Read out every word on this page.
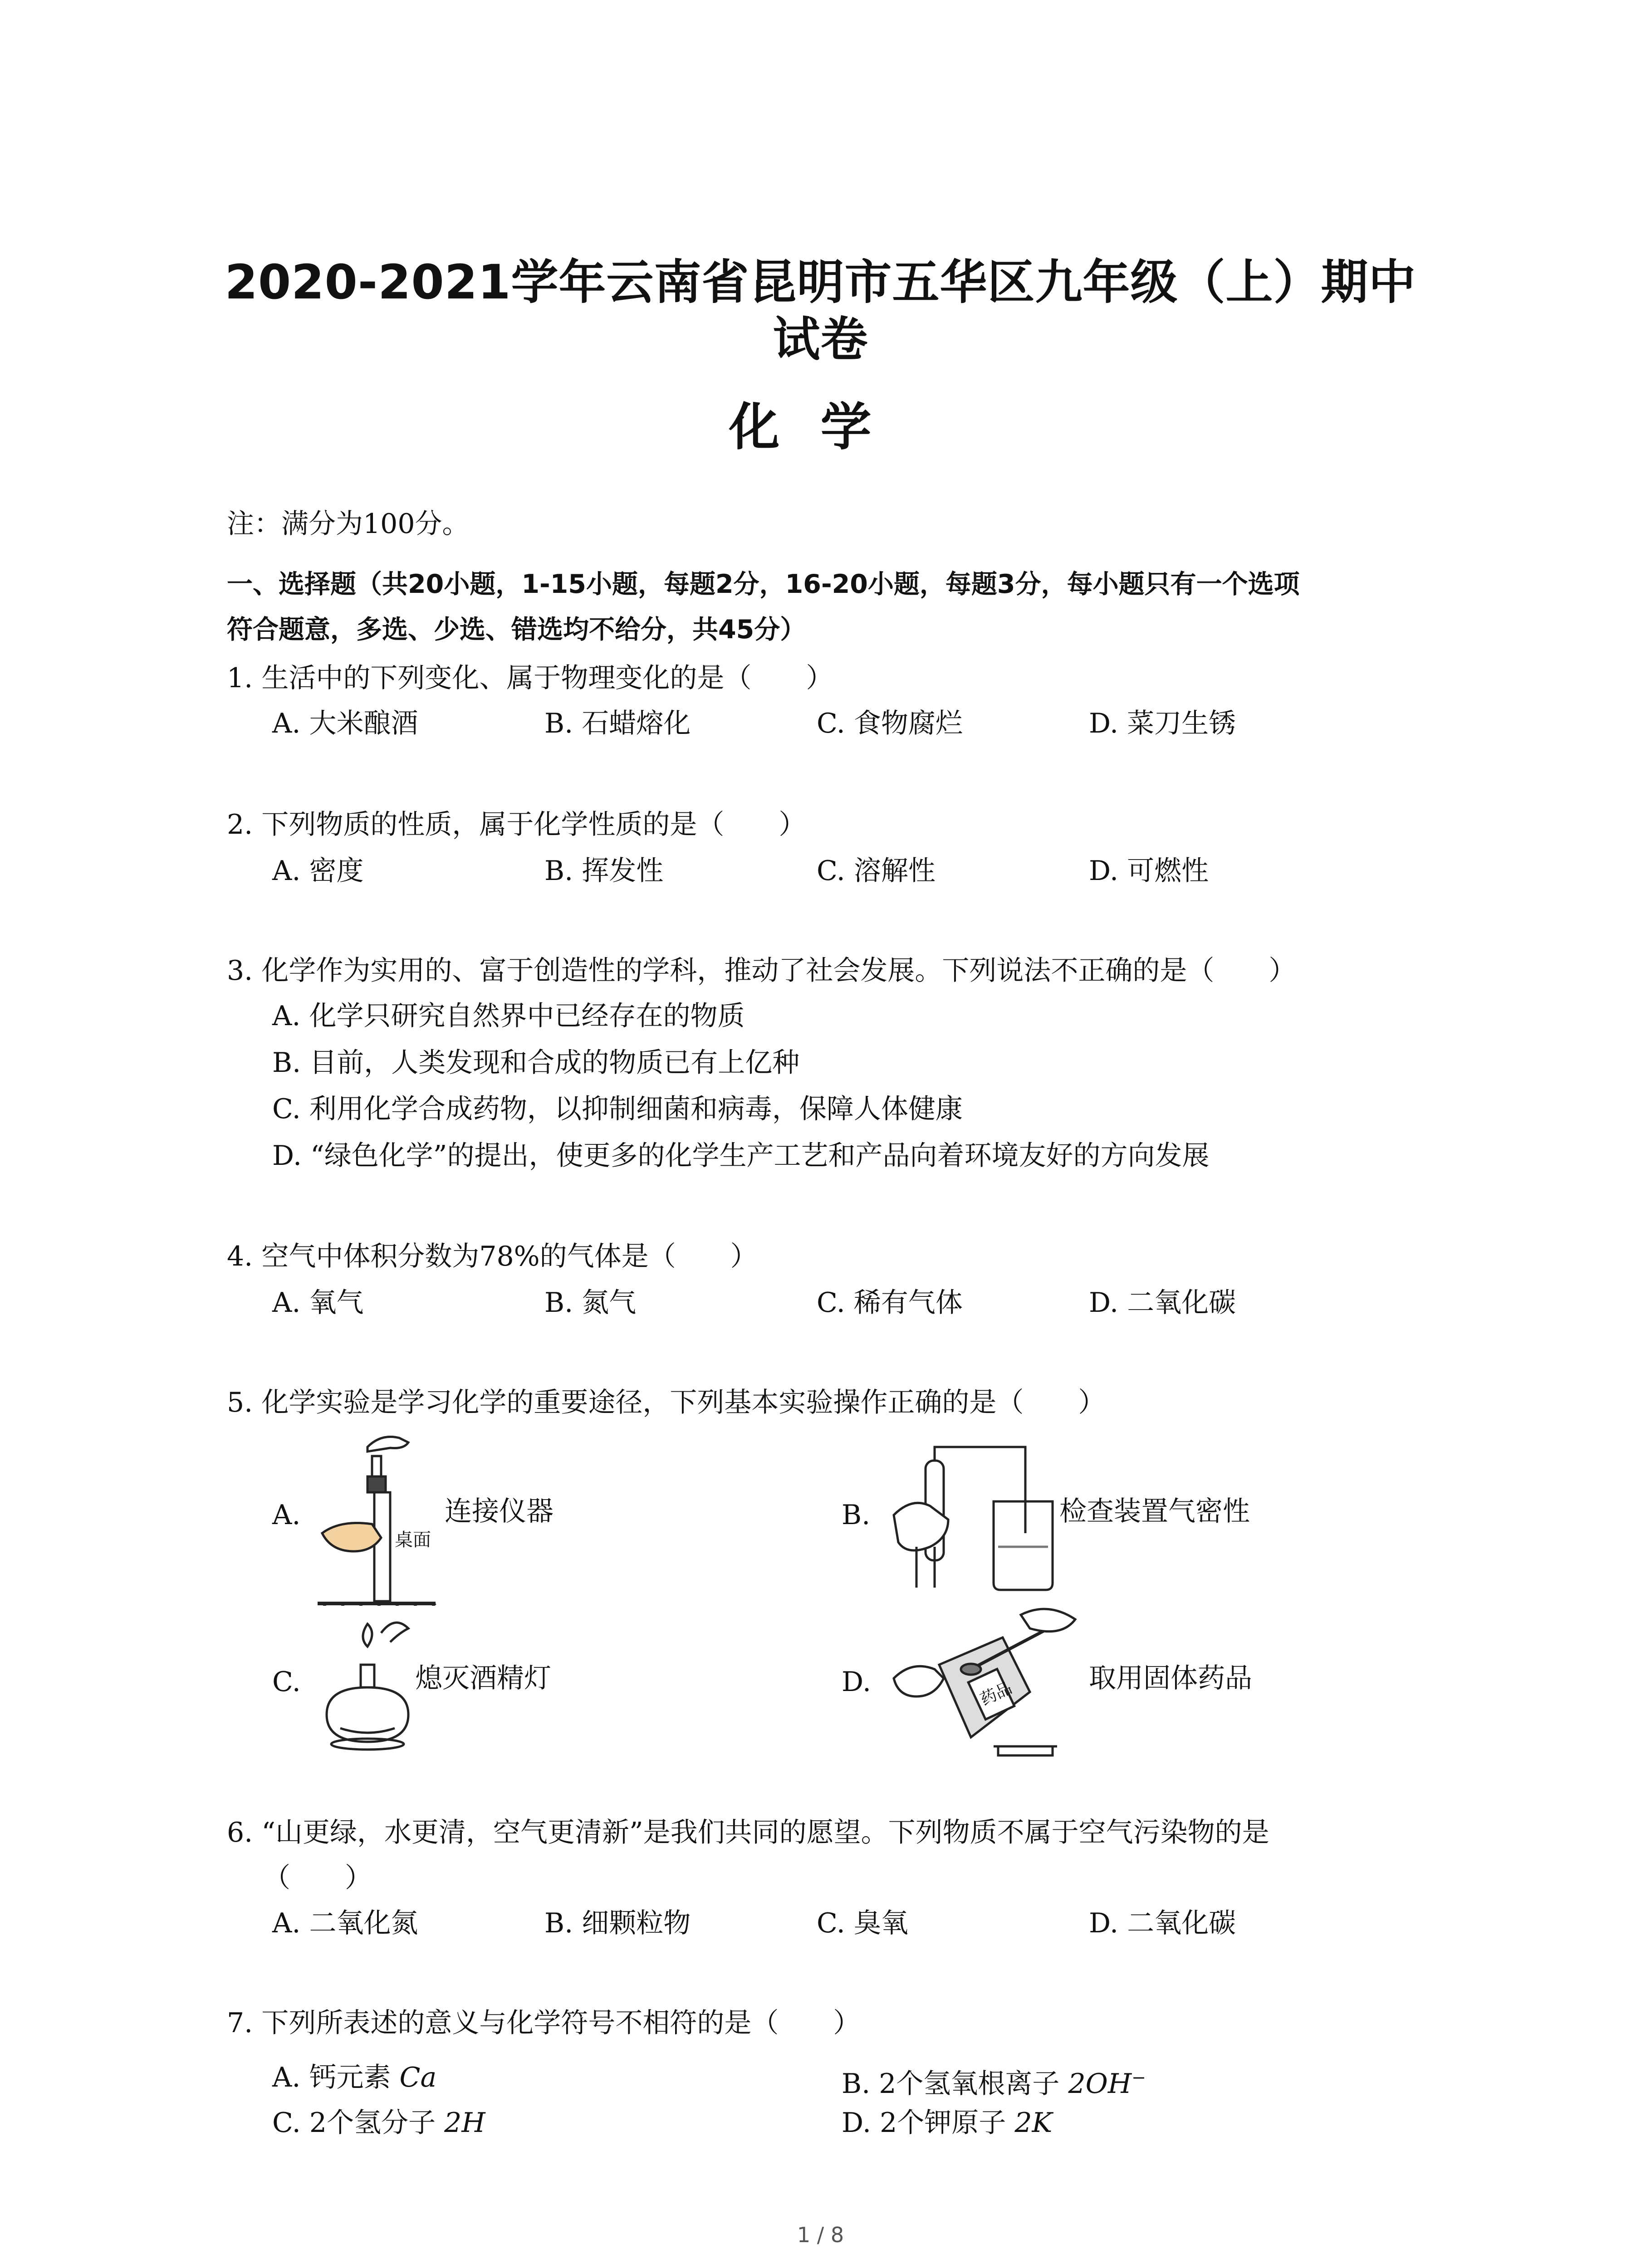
2020-2021学年云南省昆明市五华区九年级（上）期中
试卷
化学
注：满分为100分。
一、选择题（共20小题，1-15小题，每题2分，16-20小题，每题3分，每小题只有一个选项
符合题意，多选、少选、错选均不给分，共45分）
1. 生活中的下列变化、属于物理变化的是（　　）
A. 大米酿酒	B. 石蜡熔化	C. 食物腐烂	D. 菜刀生锈
2. 下列物质的性质，属于化学性质的是（　　）
A. 密度	B. 挥发性	C. 溶解性	D. 可燃性
3. 化学作为实用的、富于创造性的学科，推动了社会发展。下列说法不正确的是（　　）
A. 化学只研究自然界中已经存在的物质
B. 目前，人类发现和合成的物质已有上亿种
C. 利用化学合成药物，以抑制细菌和病毒，保障人体健康
D. “绿色化学”的提出，使更多的化学生产工艺和产品向着环境友好的方向发展
4. 空气中体积分数为78%的气体是（　　）
A. 氧气	B. 氮气	C. 稀有气体	D. 二氧化碳
5. 化学实验是学习化学的重要途径，下列基本实验操作正确的是（　　）
A.
桌面
连接仪器	B.	检查装置气密性
C.	熄灭酒精灯	D.	药品	取用固体药品
6. “山更绿，水更清，空气更清新”是我们共同的愿望。下列物质不属于空气污染物的是
（　　）
A. 二氧化氮	B. 细颗粒物	C. 臭氧	D. 二氧化碳
7. 下列所表述的意义与化学符号不相符的是（　　）
A. 钙元素 Ca	B. 2个氢氧根离子 2OH−
C. 2个氢分子 2H	D. 2个钾原子 2K
1 / 8
